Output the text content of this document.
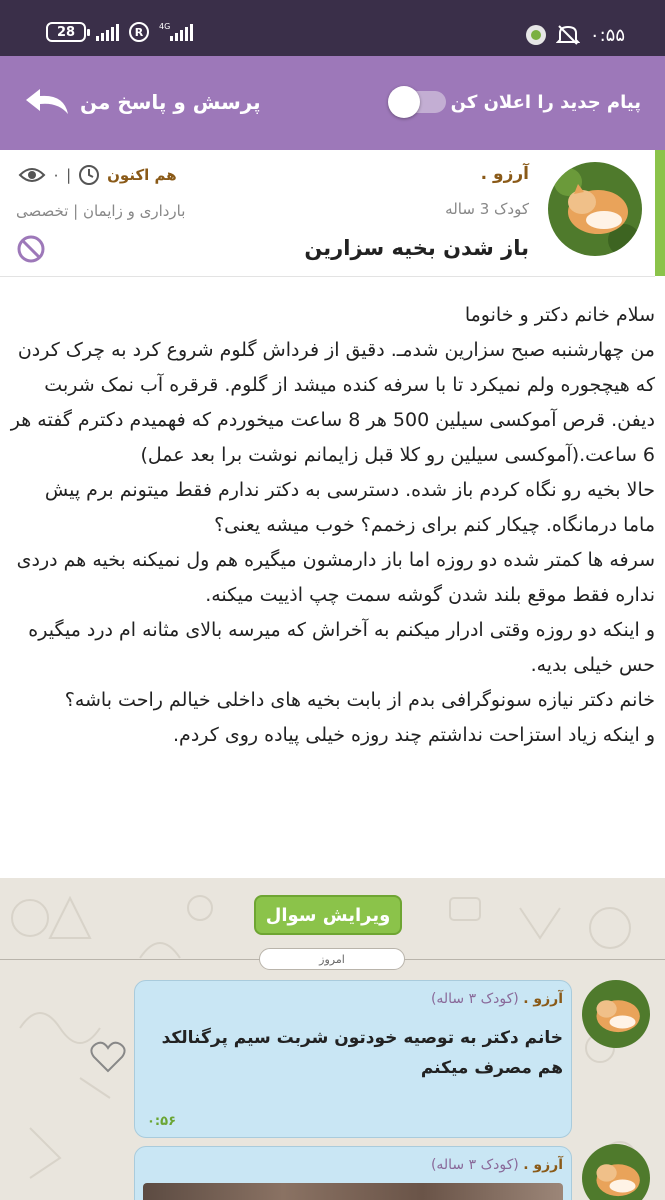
28	R 4G	۰:۵۵
پرسش و پاسخ من	پیام جدید را اعلان کن
آرزو .
کودک 3 ساله
باز شدن بخیه سزارین
۰ | هم اکنون
بارداری و زایمان | تخصصی

سلام خانم دکتر و خانوما

من چهارشنبه صبح سزارین شدمـ. دقیق از فرداش گلوم شروع کرد به چرک کردن که هیچجوره ولم نمیکرد تا با سرفه کنده میشد از گلوم. قرقره آب نمک شربت دیفن. قرص آموکسی سیلین 500 هر 8 ساعت میخوردم که فهمیدم دکترم گفته هر 6 ساعت.(آموکسی سیلین رو کلا قبل زایمانم نوشت برا بعد عمل)

حالا بخیه رو نگاه کردم باز شده. دسترسی به دکتر ندارم فقط میتونم برم پیش ماما درمانگاه. چیکار کنم برای زخمم؟ خوب میشه یعنی؟

سرفه ها کمتر شده دو روزه اما باز دارمشون میگیره هم ول نمیکنه بخیه هم دردی نداره فقط موقع بلند شدن گوشه سمت چپ اذییت میکنه.

و اینکه دو روزه وقتی ادرار میکنم به آخراش که میرسه بالای مثانه ام درد میگیره حس خیلی بدیه.

خانم دکتر نیازه سونوگرافی بدم از بابت بخیه های داخلی خیالم راحت باشه؟

و اینکه زیاد استزاحت نداشتم چند روزه خیلی پیاده روی کردم.

ویرایش سوال
امروز
آرزو . (کودک ۳ ساله)
خانم دکتر به توصیه خودتون شربت سیم پرگنالکد هم مصرف میکنم
۰:۵۶
آرزو . (کودک ۳ ساله)
